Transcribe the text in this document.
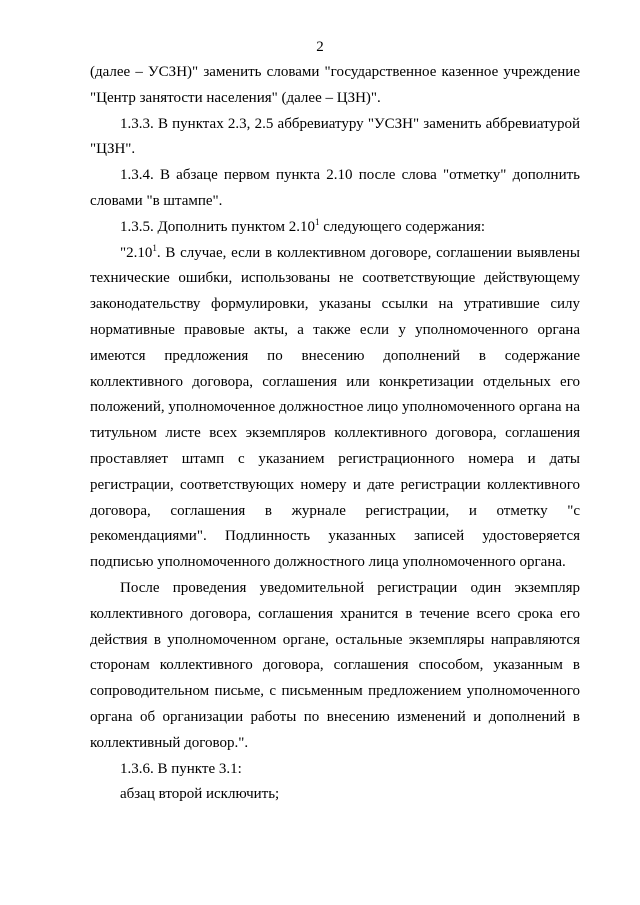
2

(далее – УСЗН)" заменить словами "государственное казенное учреждение "Центр занятости населения" (далее – ЦЗН)".

1.3.3. В пунктах 2.3, 2.5 аббревиатуру "УСЗН" заменить аббревиатурой "ЦЗН".

1.3.4. В абзаце первом пункта 2.10 после слова "отметку" дополнить словами "в штампе".

1.3.5. Дополнить пунктом 2.10$^1$ следующего содержания:

"2.10$^1$. В случае, если в коллективном договоре, соглашении выявлены технические ошибки, использованы не соответствующие действующему законодательству формулировки, указаны ссылки на утратившие силу нормативные правовые акты, а также если у уполномоченного органа имеются предложения по внесению дополнений в содержание коллективного договора, соглашения или конкретизации отдельных его положений, уполномоченное должностное лицо уполномоченного органа на титульном листе всех экземпляров коллективного договора, соглашения проставляет штамп с указанием регистрационного номера и даты регистрации, соответствующих номеру и дате регистрации коллективного договора, соглашения в журнале регистрации, и отметку "с рекомендациями". Подлинность указанных записей удостоверяется подписью уполномоченного должностного лица уполномоченного органа.

После проведения уведомительной регистрации один экземпляр коллективного договора, соглашения хранится в течение всего срока его действия в уполномоченном органе, остальные экземпляры направляются сторонам коллективного договора, соглашения способом, указанным в сопроводительном письме, с письменным предложением уполномоченного органа об организации работы по внесению изменений и дополнений в коллективный договор.".

1.3.6. В пункте 3.1:

абзац второй исключить;
